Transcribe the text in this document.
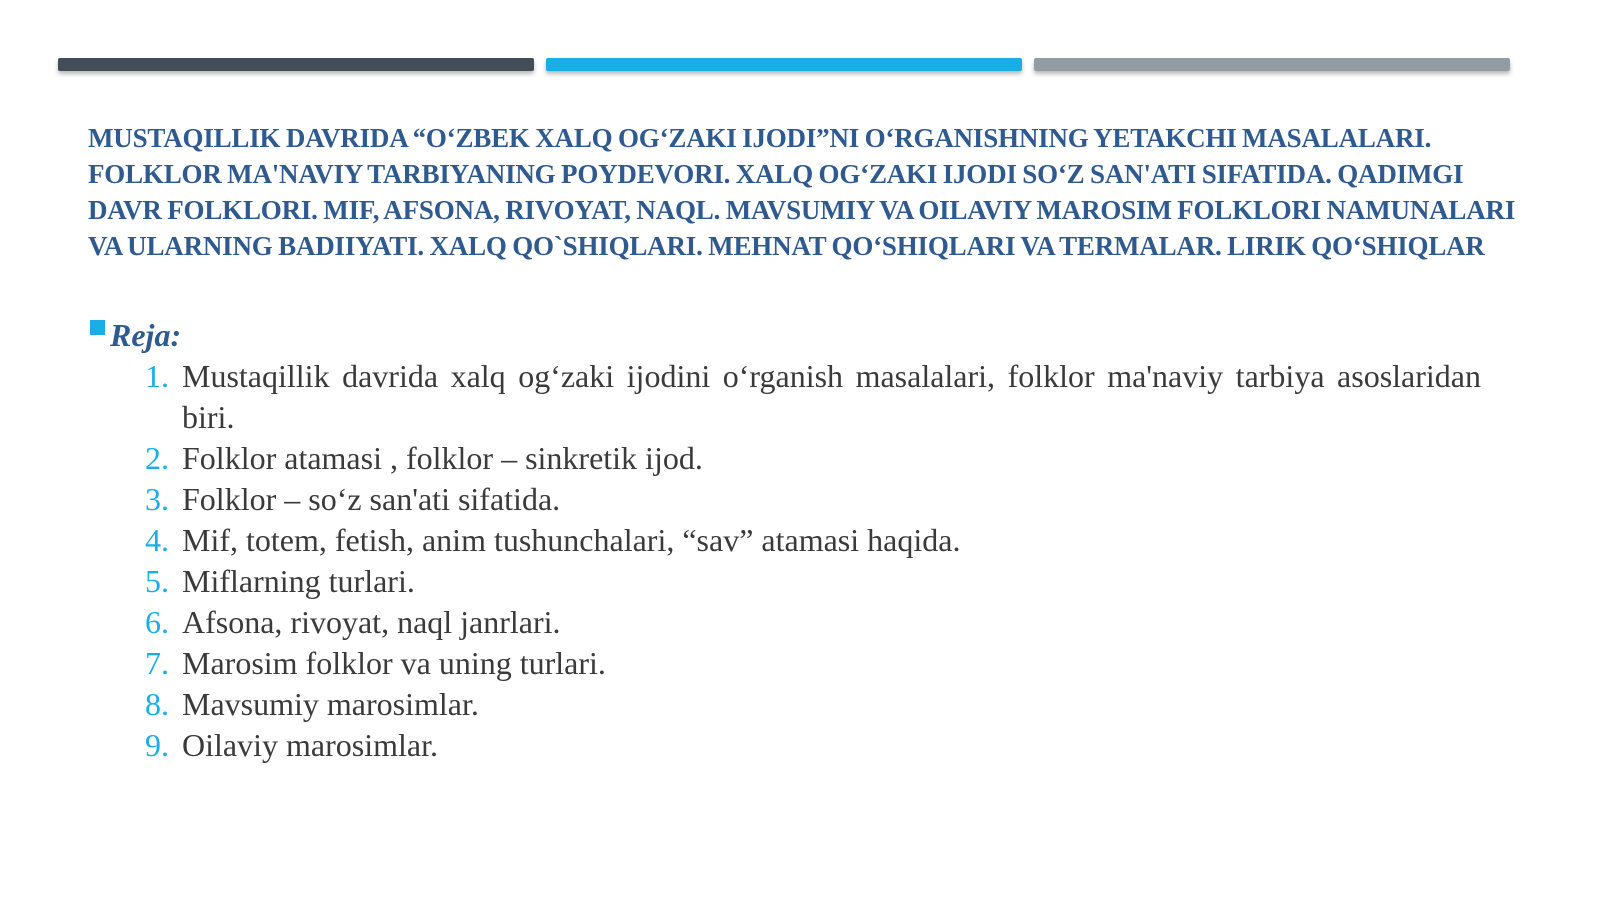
MUSTAQILLIK DAVRIDA “O‘ZBEK XALQ OG‘ZAKI IJODI”NI O‘RGANISHNING YETAKCHI MASALALARI. FOLKLOR MA'NAVIY TARBIYANING POYDEVORI. XALQ OG‘ZAKI IJODI SO‘Z SAN'ATI SIFATIDA. QADIMGI DAVR FOLKLORI. MIF, AFSONA, RIVOYAT, NAQL. MAVSUMIY VA OILAVIY MAROSIM FOLKLORI NAMUNALARI VA ULARNING BADIIYATI. XALQ QO`SHIQLARI. MEHNAT QO‘SHIQLARI VA TERMALAR. LIRIK QO‘SHIQLAR
Reja:
1. Mustaqillik davrida xalq og‘zaki ijodini o‘rganish masalalari, folklor ma'naviy tarbiya asoslaridan biri.
2. Folklor atamasi , folklor – sinkretik ijod.
3. Folklor – so‘z san'ati sifatida.
4. Mif, totem, fetish, anim tushunchalari, “sav” atamasi haqida.
5. Miflarning turlari.
6. Afsona, rivoyat, naql janrlari.
7. Marosim folklor va uning turlari.
8. Mavsumiy marosimlar.
9. Oilaviy marosimlar.
